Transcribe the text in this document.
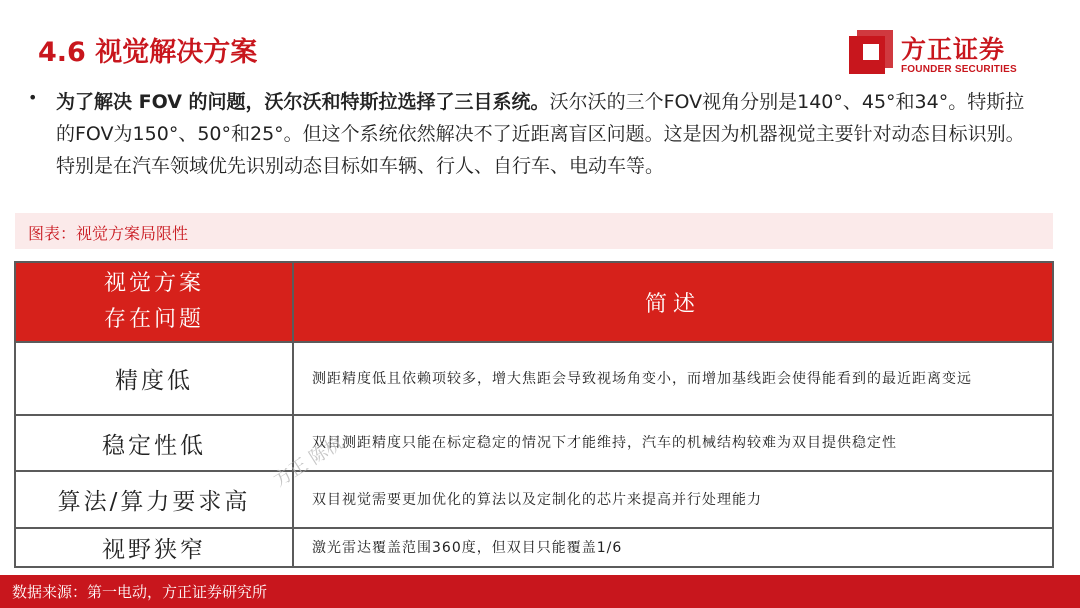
4.6 视觉解决方案	方正证券
FOUNDER SECURITIES
• 为了解决 FOV 的问题，沃尔沃和特斯拉选择了三目系统。沃尔沃的三个FOV视角分别是140°、45°和34°。特斯拉的FOV为150°、50°和25°。但这个系统依然解决不了近距离盲区问题。这是因为机器视觉主要针对动态目标识别。特别是在汽车领域优先识别动态目标如车辆、行人、自行车、电动车等。
图表：视觉方案局限性
视觉方案
存在问题	简述
精度低	测距精度低且依赖项较多，增大焦距会导致视场角变小，而增加基线距会使得能看到的最近距离变远
稳定性低	双目测距精度只能在标定稳定的情况下才能维持，汽车的机械结构较难为双目提供稳定性
算法/算力要求高	双目视觉需要更加优化的算法以及定制化的芯片来提高并行处理能力
视野狭窄	激光雷达覆盖范围360度，但双目只能覆盖1/6
方正 陈杭
数据来源：第一电动，方正证券研究所
